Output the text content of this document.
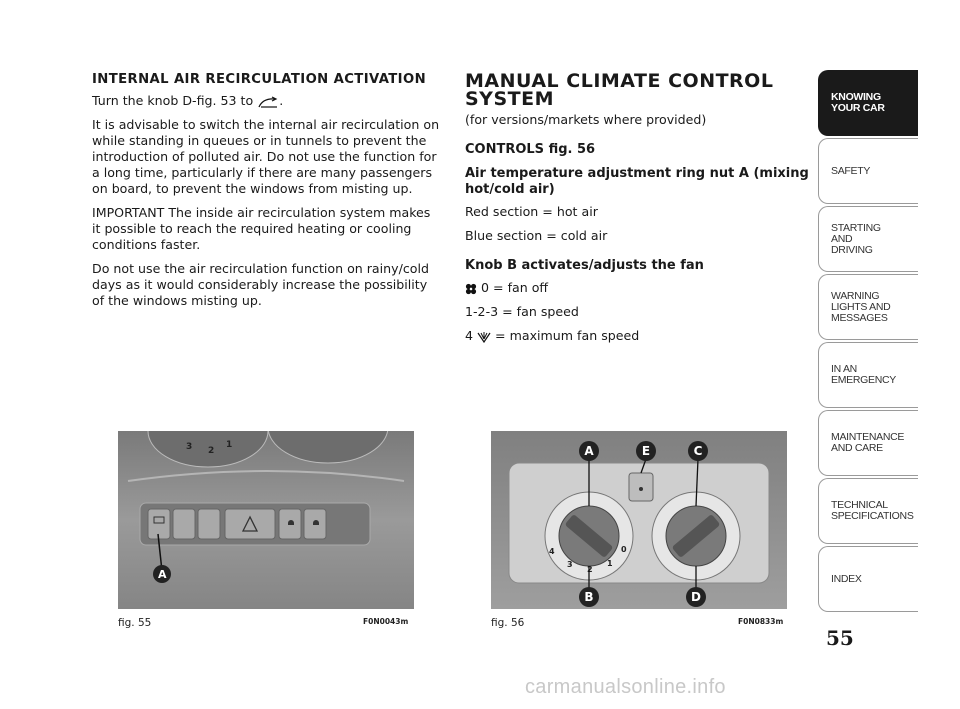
INTERNAL AIR RECIRCULATION ACTIVATION

Turn the knob D-fig. 53 to .

It is advisable to switch the internal air recirculation on while standing in queues or in tunnels to prevent the introduction of polluted air. Do not use the function for a long time, particularly if there are many passengers on board, to prevent the windows from misting up.

IMPORTANT The inside air recirculation system makes it possible to reach the required heating or cooling conditions faster.

Do not use the air recirculation function on rainy/cold days as it would considerably increase the possibility of the windows misting up.

MANUAL CLIMATE CONTROL SYSTEM

(for versions/markets where provided)

CONTROLS fig. 56
Air temperature adjustment ring nut A (mixing hot/cold air)

Red section = hot air

Blue section = cold air

Knob B activates/adjusts the fan

0 = fan off

1-2-3 = fan speed

4 = maximum fan speed

3 2
1
A
fig. 55	F0N0043m
4
3
2
1
0
A	E	C
B	D
fig. 56	F0N0833m
KNOWING
YOUR CAR
SAFETY
STARTING
AND
DRIVING
WARNING
LIGHTS AND
MESSAGES
IN AN
EMERGENCY
MAINTENANCE
AND CARE
TECHNICAL
SPECIFICATIONS
INDEX
55
carmanualsonline.info
